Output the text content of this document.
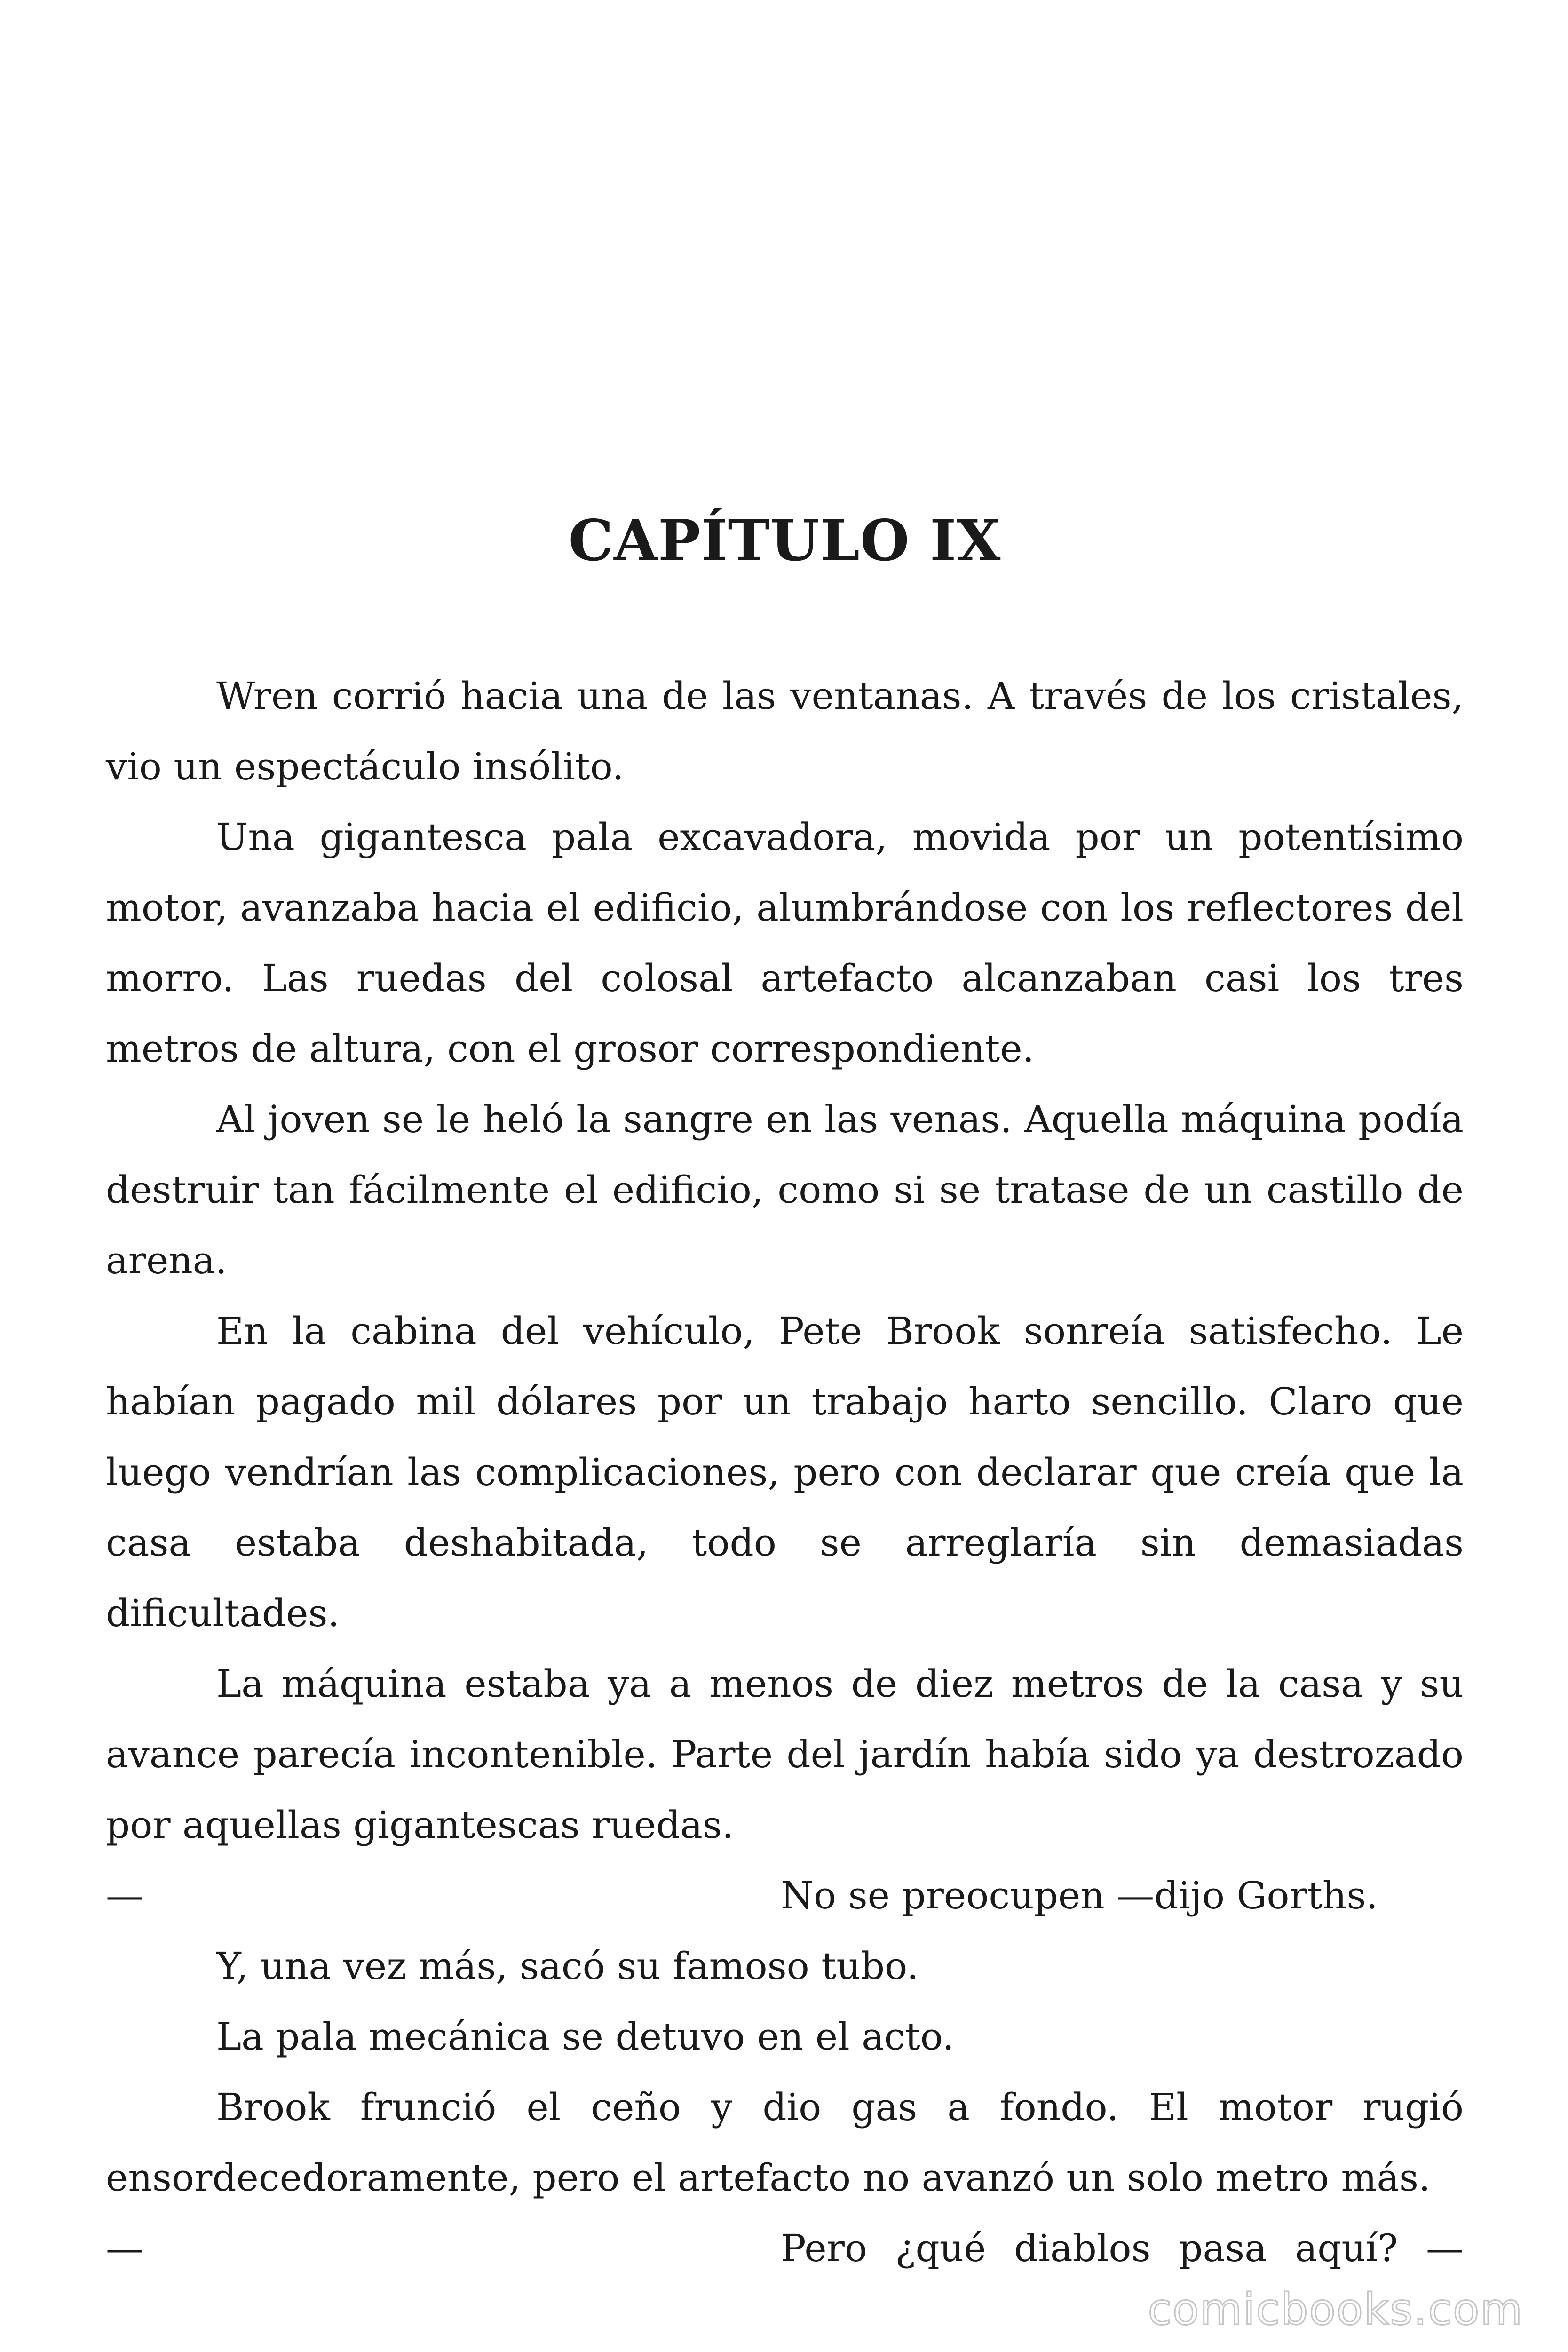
CAPÍTULO IX

Wren corrió hacia una de las ventanas. A través de los cristales, vio un espectáculo insólito.

Una gigantesca pala excavadora, movida por un potentísimo motor, avanzaba hacia el edificio, alumbrándose con los reflectores del morro. Las ruedas del colosal artefacto alcanzaban casi los tres metros de altura, con el grosor correspondiente.

Al joven se le heló la sangre en las venas. Aquella máquina podía destruir tan fácilmente el edificio, como si se tratase de un castillo de arena.

En la cabina del vehículo, Pete Brook sonreía satisfecho. Le habían pagado mil dólares por un trabajo harto sencillo. Claro que luego vendrían las complicaciones, pero con declarar que creía que la casa estaba deshabitada, todo se arreglaría sin demasiadas dificultades.

La máquina estaba ya a menos de diez metros de la casa y su avance parecía incontenible. Parte del jardín había sido ya destrozado por aquellas gigantescas ruedas.

—	No se preocupen —dijo Gorths.

Y, una vez más, sacó su famoso tubo.

La pala mecánica se detuvo en el acto.

Brook frunció el ceño y dio gas a fondo. El motor rugió ensordecedoramente, pero el artefacto no avanzó un solo metro más.

—	Pero ¿qué diablos pasa aquí? —

comicbooks.com
